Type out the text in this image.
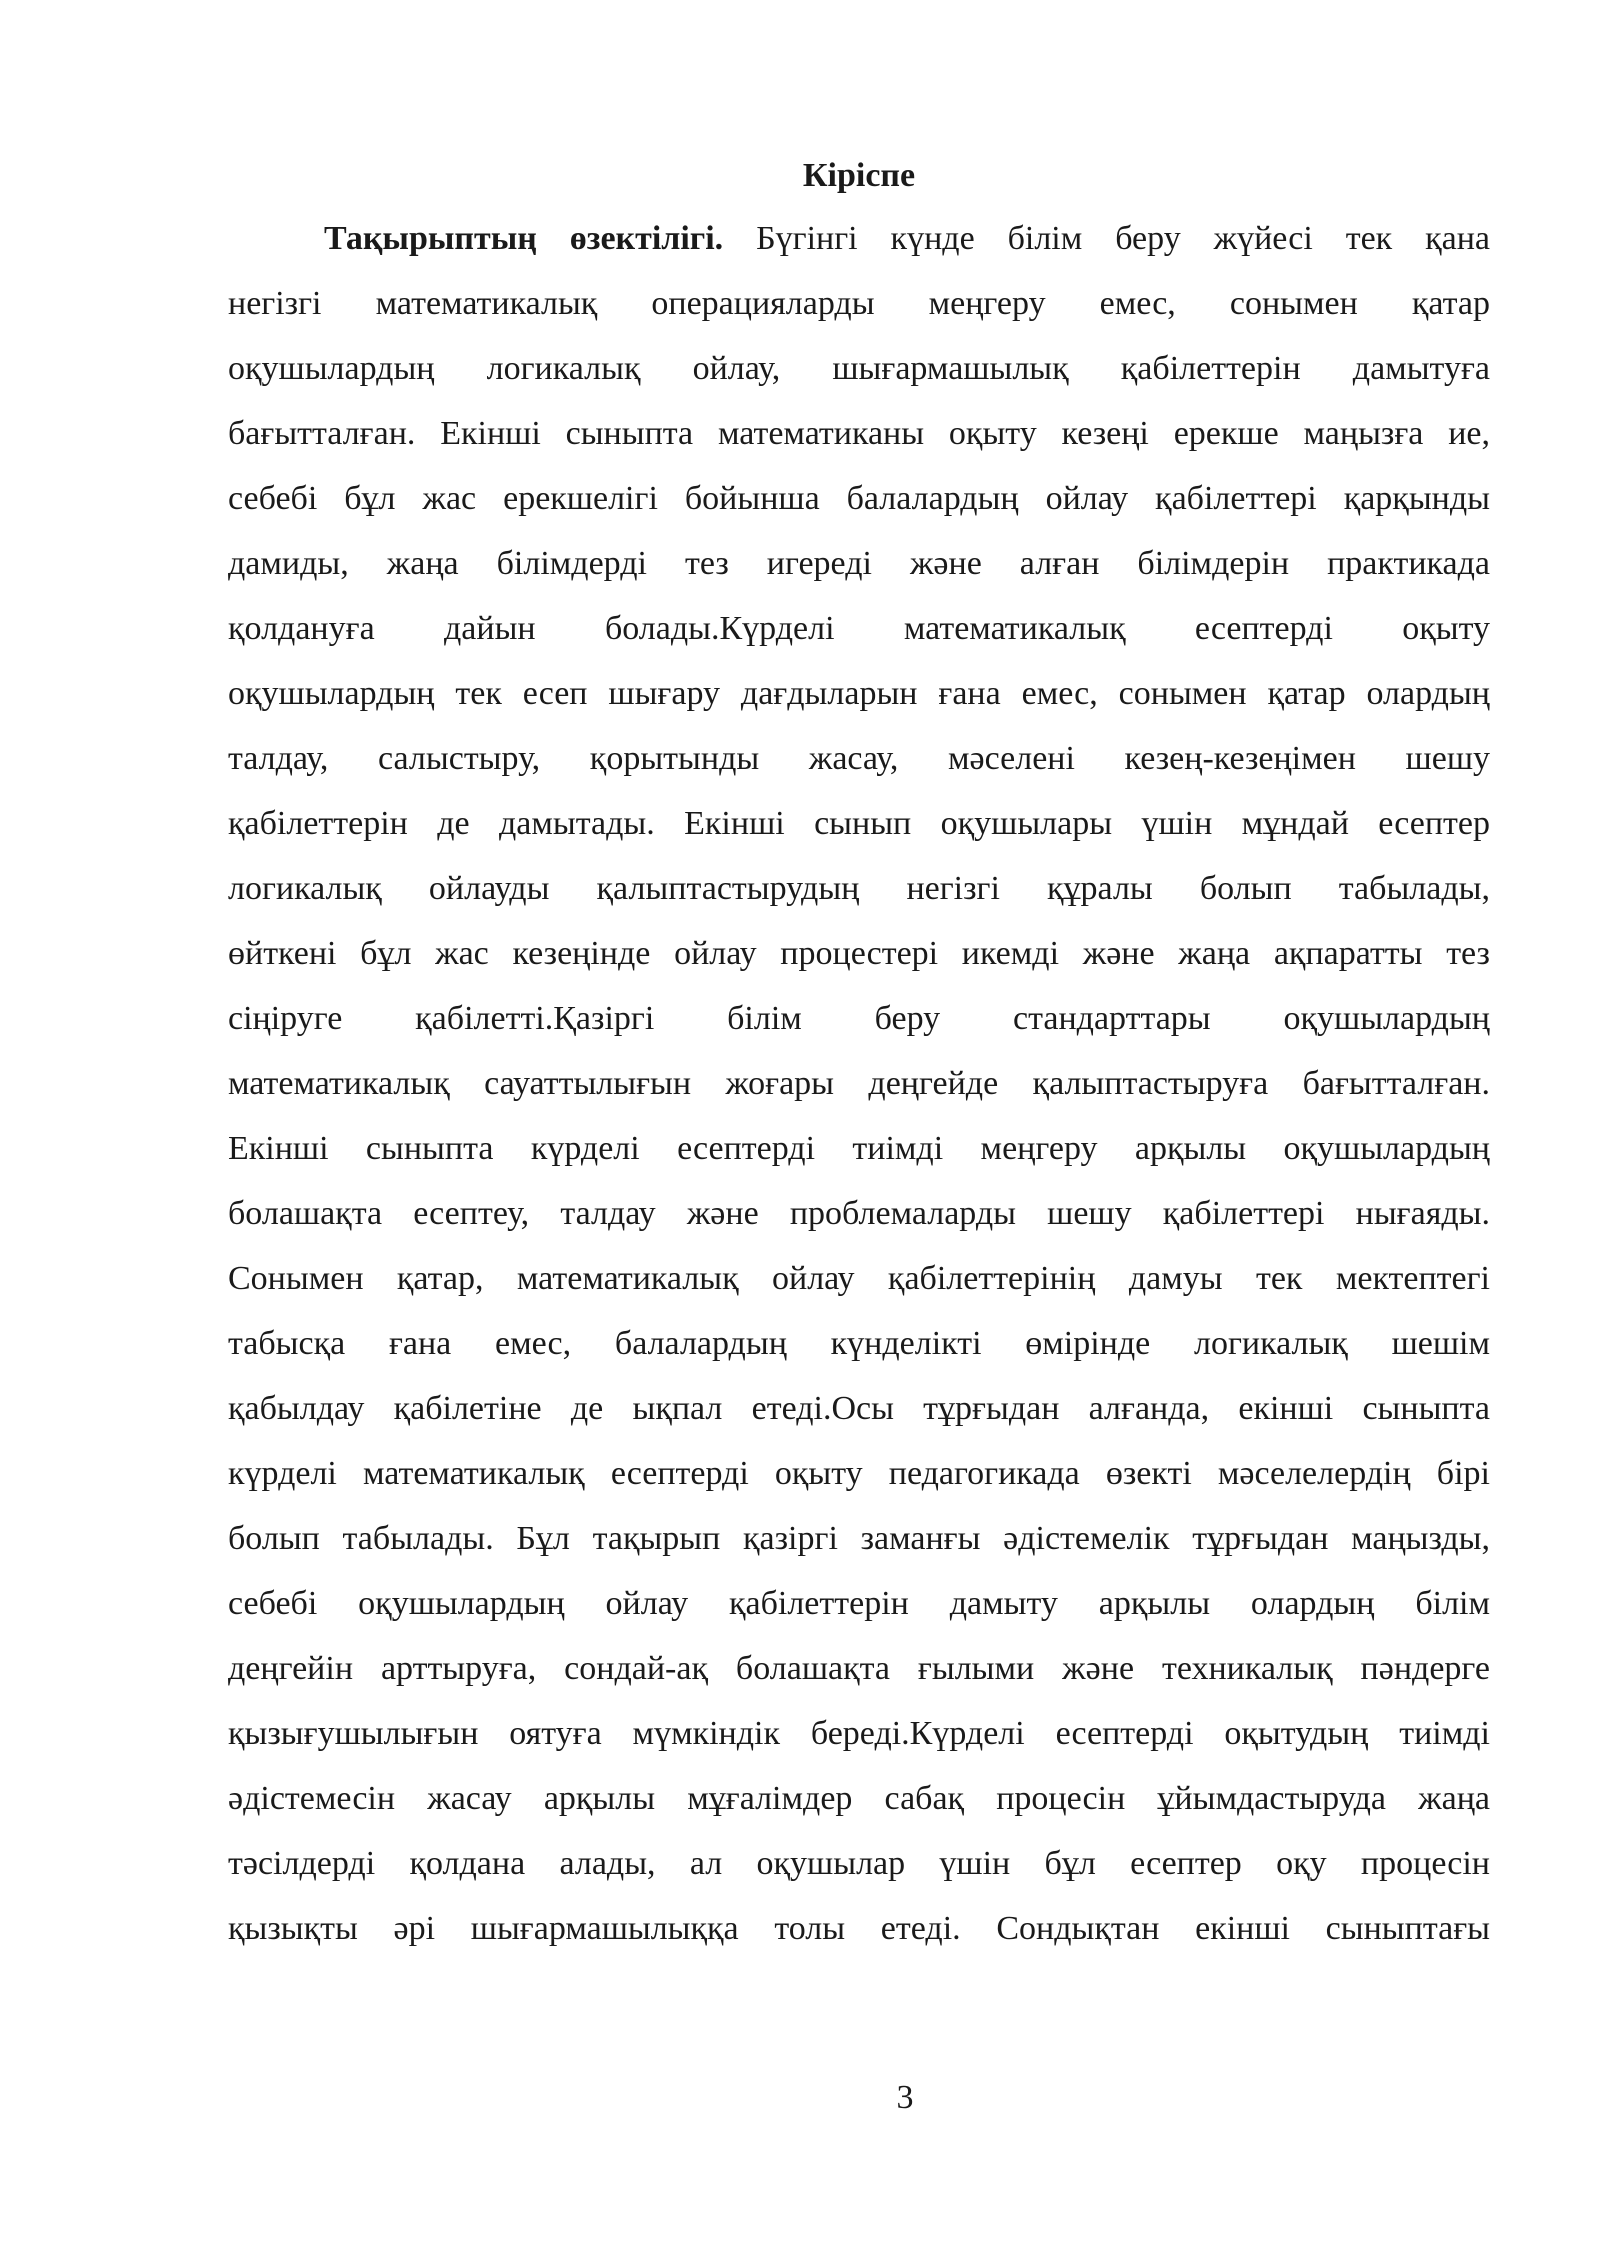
Кіріспе
Тақырыптың өзектілігі. Бүгінгі күнде білім беру жүйесі тек қана
негізгі математикалық операцияларды меңгеру емес, сонымен қатар
оқушылардың логикалық ойлау, шығармашылық қабілеттерін дамытуға
бағытталған. Екінші сыныпта математиканы оқыту кезеңі ерекше маңызға ие,
себебі бұл жас ерекшелігі бойынша балалардың ойлау қабілеттері қарқынды
дамиды, жаңа білімдерді тез игереді және алған білімдерін практикада
қолдануға дайын болады.Күрделі математикалық есептерді оқыту
оқушылардың тек есеп шығару дағдыларын ғана емес, сонымен қатар олардың
талдау, салыстыру, қорытынды жасау, мәселені кезең-кезеңімен шешу
қабілеттерін де дамытады. Екінші сынып оқушылары үшін мұндай есептер
логикалық ойлауды қалыптастырудың негізгі құралы болып табылады,
өйткені бұл жас кезеңінде ойлау процестері икемді және жаңа ақпаратты тез
сіңіруге қабілетті.Қазіргі білім беру стандарттары оқушылардың
математикалық сауаттылығын жоғары деңгейде қалыптастыруға бағытталған.
Екінші сыныпта күрделі есептерді тиімді меңгеру арқылы оқушылардың
болашақта есептеу, талдау және проблемаларды шешу қабілеттері нығаяды.
Сонымен қатар, математикалық ойлау қабілеттерінің дамуы тек мектептегі
табысқа ғана емес, балалардың күнделікті өмірінде логикалық шешім
қабылдау қабілетіне де ықпал етеді.Осы тұрғыдан алғанда, екінші сыныпта
күрделі математикалық есептерді оқыту педагогикада өзекті мәселелердің бірі
болып табылады. Бұл тақырып қазіргі заманғы әдістемелік тұрғыдан маңызды,
себебі оқушылардың ойлау қабілеттерін дамыту арқылы олардың білім
деңгейін арттыруға, сондай-ақ болашақта ғылыми және техникалық пәндерге
қызығушылығын оятуға мүмкіндік береді.Күрделі есептерді оқытудың тиімді
әдістемесін жасау арқылы мұғалімдер сабақ процесін ұйымдастыруда жаңа
тәсілдерді қолдана алады, ал оқушылар үшін бұл есептер оқу процесін
қызықты әрі шығармашылыққа толы етеді. Сондықтан екінші сыныптағы
3
